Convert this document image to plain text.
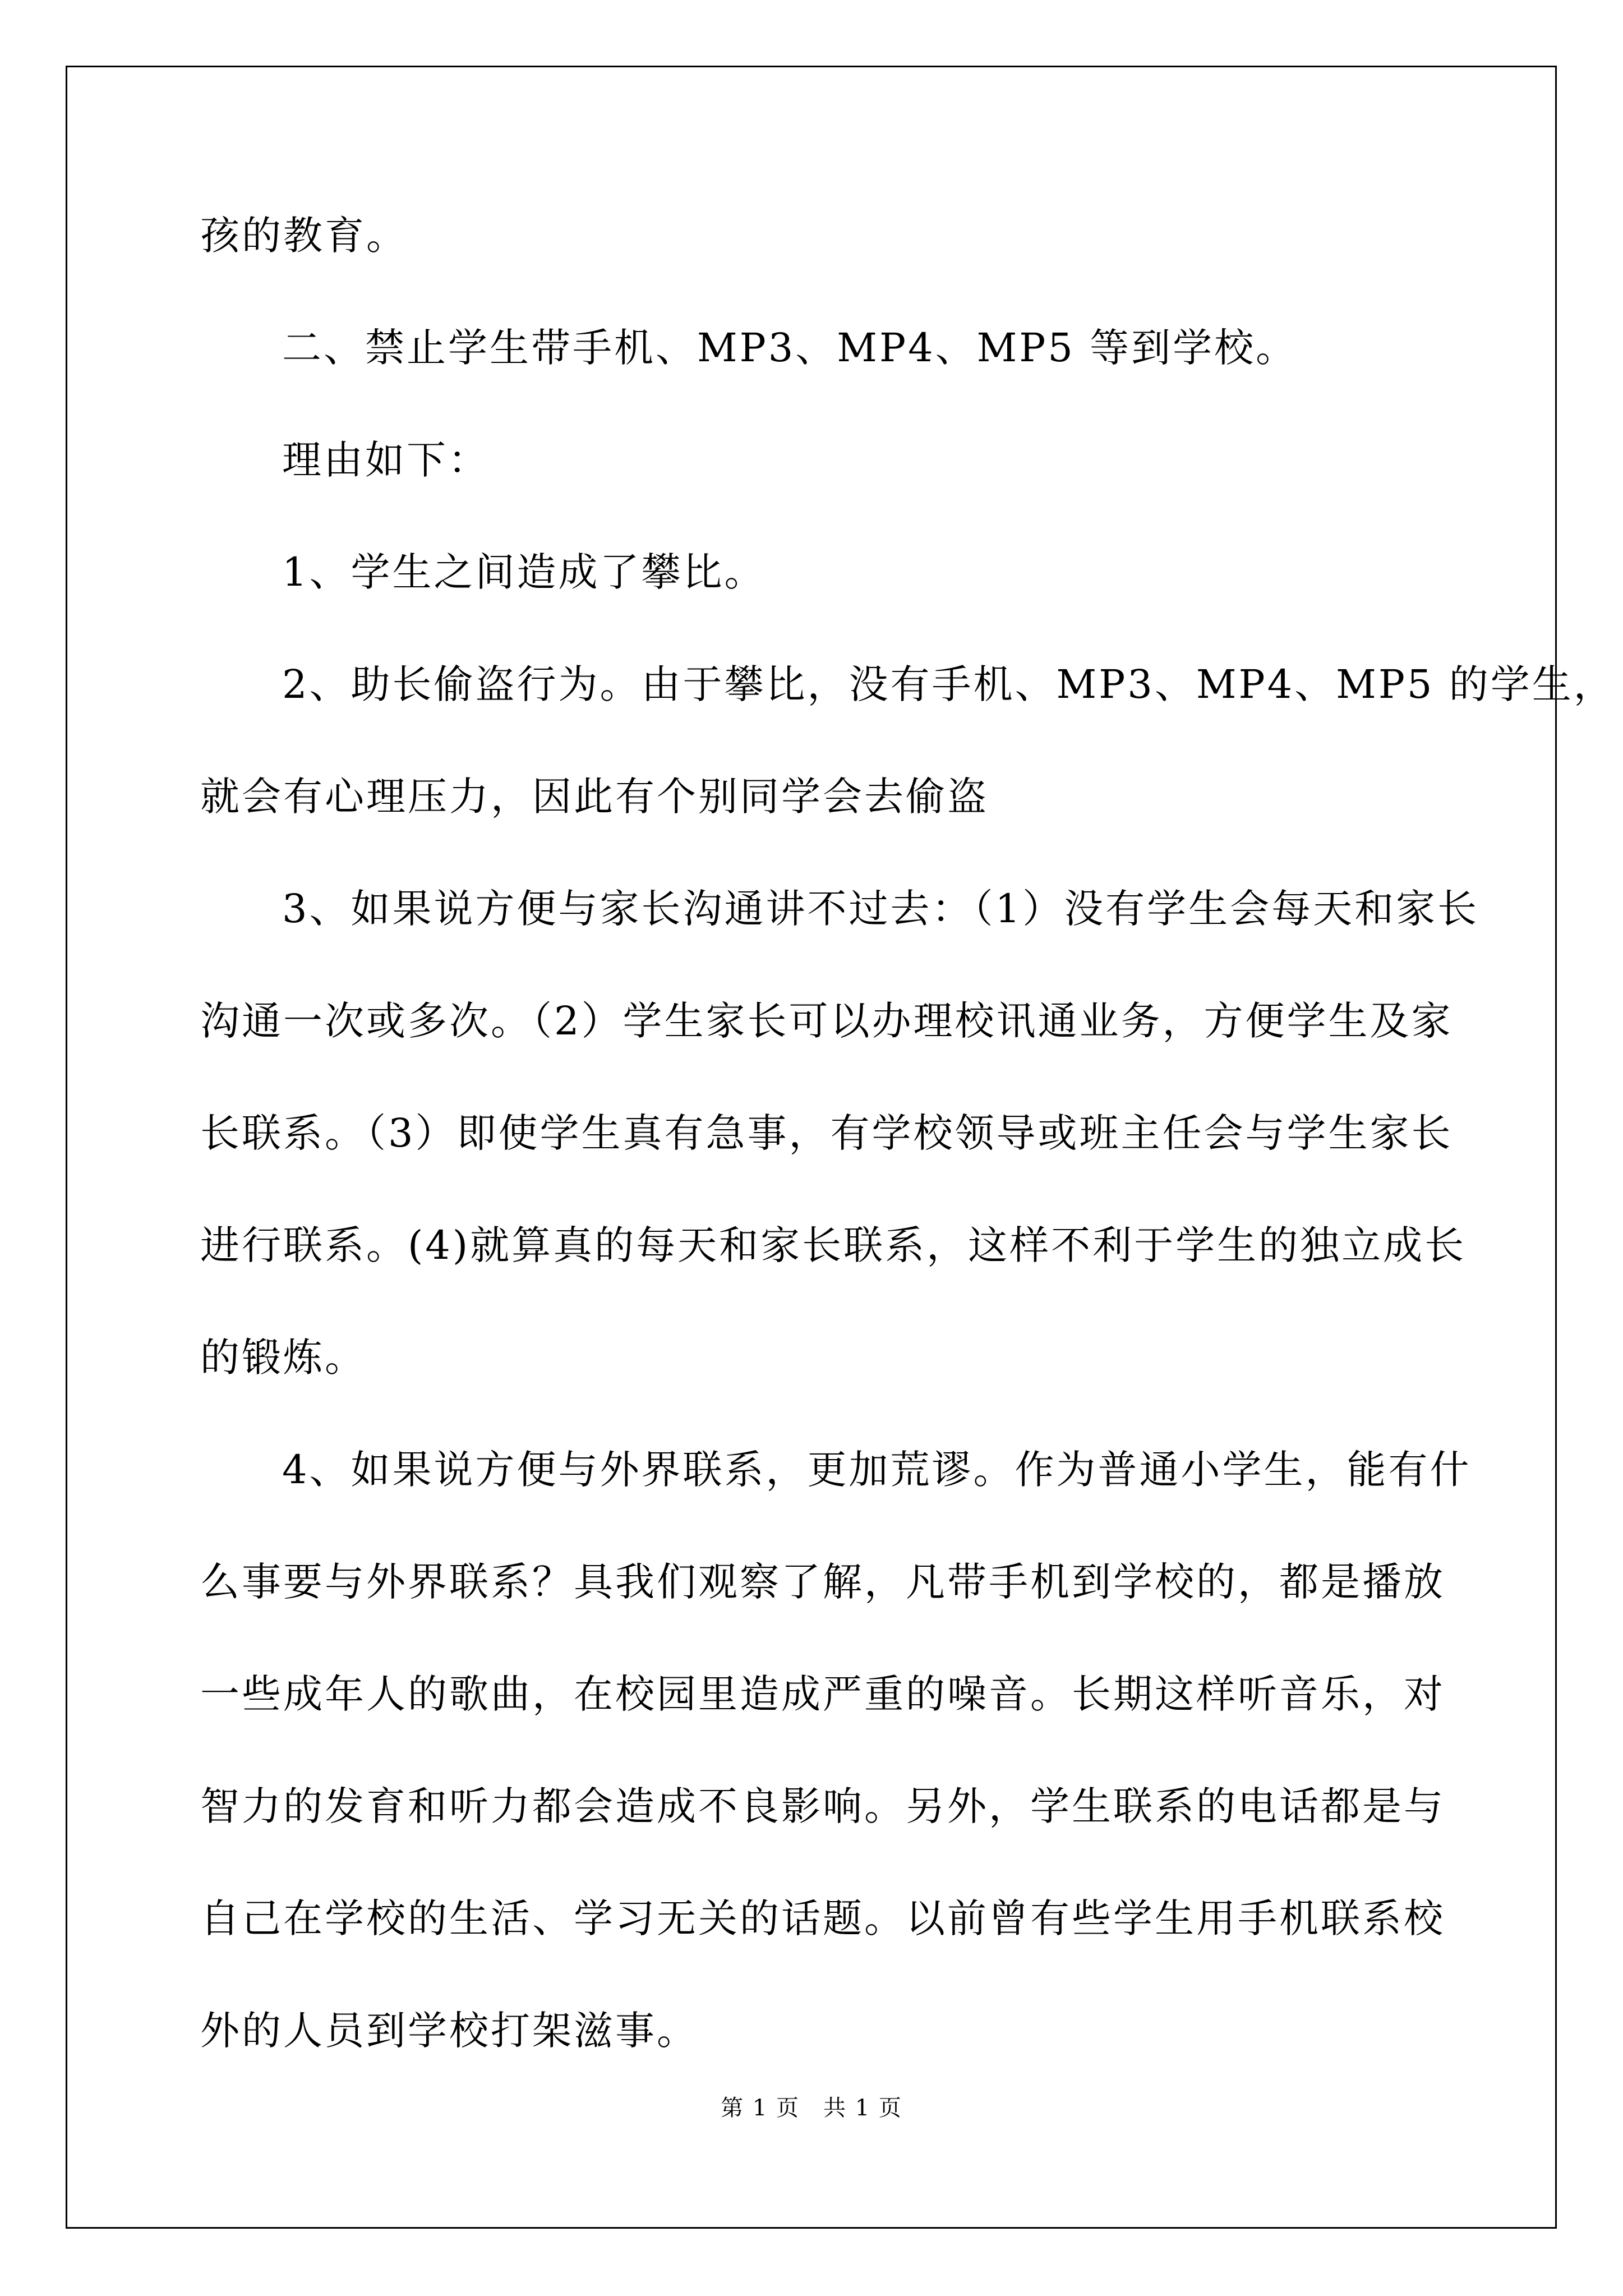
孩的教育。

二、禁止学生带手机、MP3、MP4、MP5 等到学校。

理由如下：

1、学生之间造成了攀比。

2、助长偷盗行为。由于攀比，没有手机、MP3、MP4、MP5 的学生，
就会有心理压力，因此有个别同学会去偷盗

3、如果说方便与家长沟通讲不过去：（1）没有学生会每天和家长
沟通一次或多次。（2）学生家长可以办理校讯通业务，方便学生及家
长联系。（3）即使学生真有急事，有学校领导或班主任会与学生家长
进行联系。(4)就算真的每天和家长联系，这样不利于学生的独立成长
的锻炼。

4、如果说方便与外界联系，更加荒谬。作为普通小学生，能有什
么事要与外界联系？具我们观察了解，凡带手机到学校的，都是播放
一些成年人的歌曲，在校园里造成严重的噪音。长期这样听音乐，对
智力的发育和听力都会造成不良影响。另外，学生联系的电话都是与
自己在学校的生活、学习无关的话题。以前曾有些学生用手机联系校
外的人员到学校打架滋事。

第 1 页　共 1 页
